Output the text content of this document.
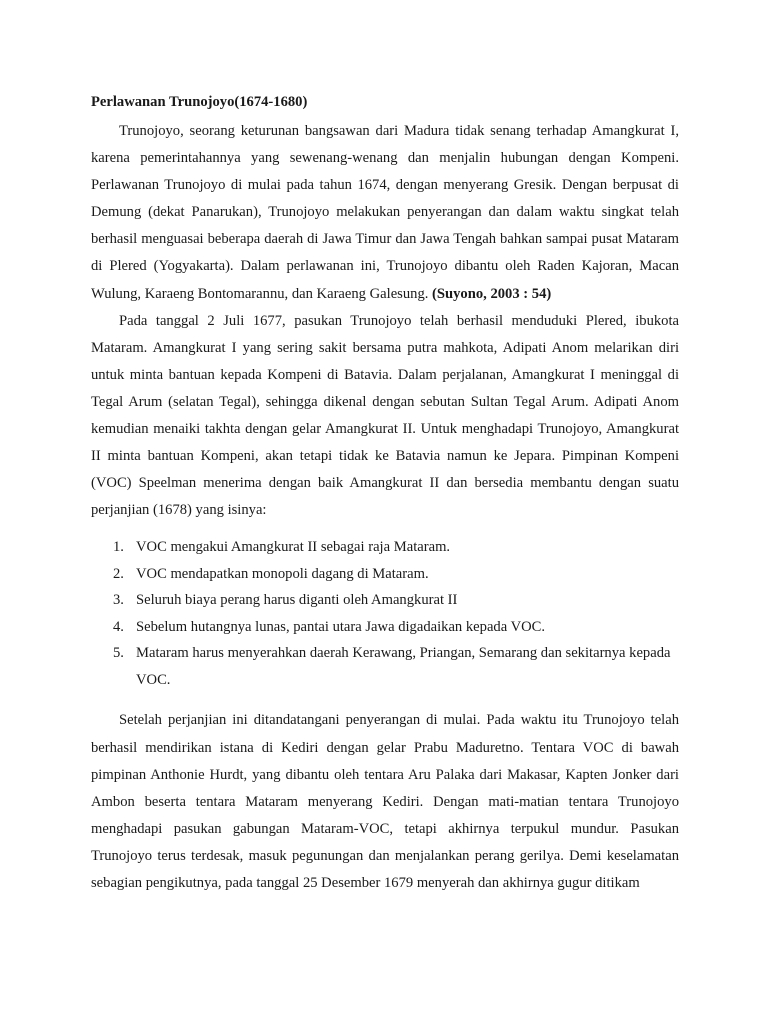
Perlawanan Trunojoyo(1674-1680)

Trunojoyo, seorang keturunan bangsawan dari Madura tidak senang terhadap Amangkurat I, karena pemerintahannya yang sewenang-wenang dan menjalin hubungan dengan Kompeni. Perlawanan Trunojoyo di mulai pada tahun 1674, dengan menyerang Gresik. Dengan berpusat di Demung (dekat Panarukan), Trunojoyo melakukan penyerangan dan dalam waktu singkat telah berhasil menguasai beberapa daerah di Jawa Timur dan Jawa Tengah bahkan sampai pusat Mataram di Plered (Yogyakarta). Dalam perlawanan ini, Trunojoyo dibantu oleh Raden Kajoran, Macan Wulung, Karaeng Bontomarannu, dan Karaeng Galesung. (Suyono, 2003 : 54)

Pada tanggal 2 Juli 1677, pasukan Trunojoyo telah berhasil menduduki Plered, ibukota Mataram. Amangkurat I yang sering sakit bersama putra mahkota, Adipati Anom melarikan diri untuk minta bantuan kepada Kompeni di Batavia. Dalam perjalanan, Amangkurat I meninggal di Tegal Arum (selatan Tegal), sehingga dikenal dengan sebutan Sultan Tegal Arum. Adipati Anom kemudian menaiki takhta dengan gelar Amangkurat II. Untuk menghadapi Trunojoyo, Amangkurat II minta bantuan Kompeni, akan tetapi tidak ke Batavia namun ke Jepara. Pimpinan Kompeni (VOC) Speelman menerima dengan baik Amangkurat II dan bersedia membantu dengan suatu perjanjian (1678) yang isinya:

1. VOC mengakui Amangkurat II sebagai raja Mataram.
2. VOC mendapatkan monopoli dagang di Mataram.
3. Seluruh biaya perang harus diganti oleh Amangkurat II
4. Sebelum hutangnya lunas, pantai utara Jawa digadaikan kepada VOC.
5. Mataram harus menyerahkan daerah Kerawang, Priangan, Semarang dan sekitarnya kepada VOC.

Setelah perjanjian ini ditandatangani penyerangan di mulai. Pada waktu itu Trunojoyo telah berhasil mendirikan istana di Kediri dengan gelar Prabu Maduretno. Tentara VOC di bawah pimpinan Anthonie Hurdt, yang dibantu oleh tentara Aru Palaka dari Makasar, Kapten Jonker dari Ambon beserta tentara Mataram menyerang Kediri. Dengan mati-matian tentara Trunojoyo menghadapi pasukan gabungan Mataram-VOC, tetapi akhirnya terpukul mundur. Pasukan Trunojoyo terus terdesak, masuk pegunungan dan menjalankan perang gerilya. Demi keselamatan sebagian pengikutnya, pada tanggal 25 Desember 1679 menyerah dan akhirnya gugur ditikam
